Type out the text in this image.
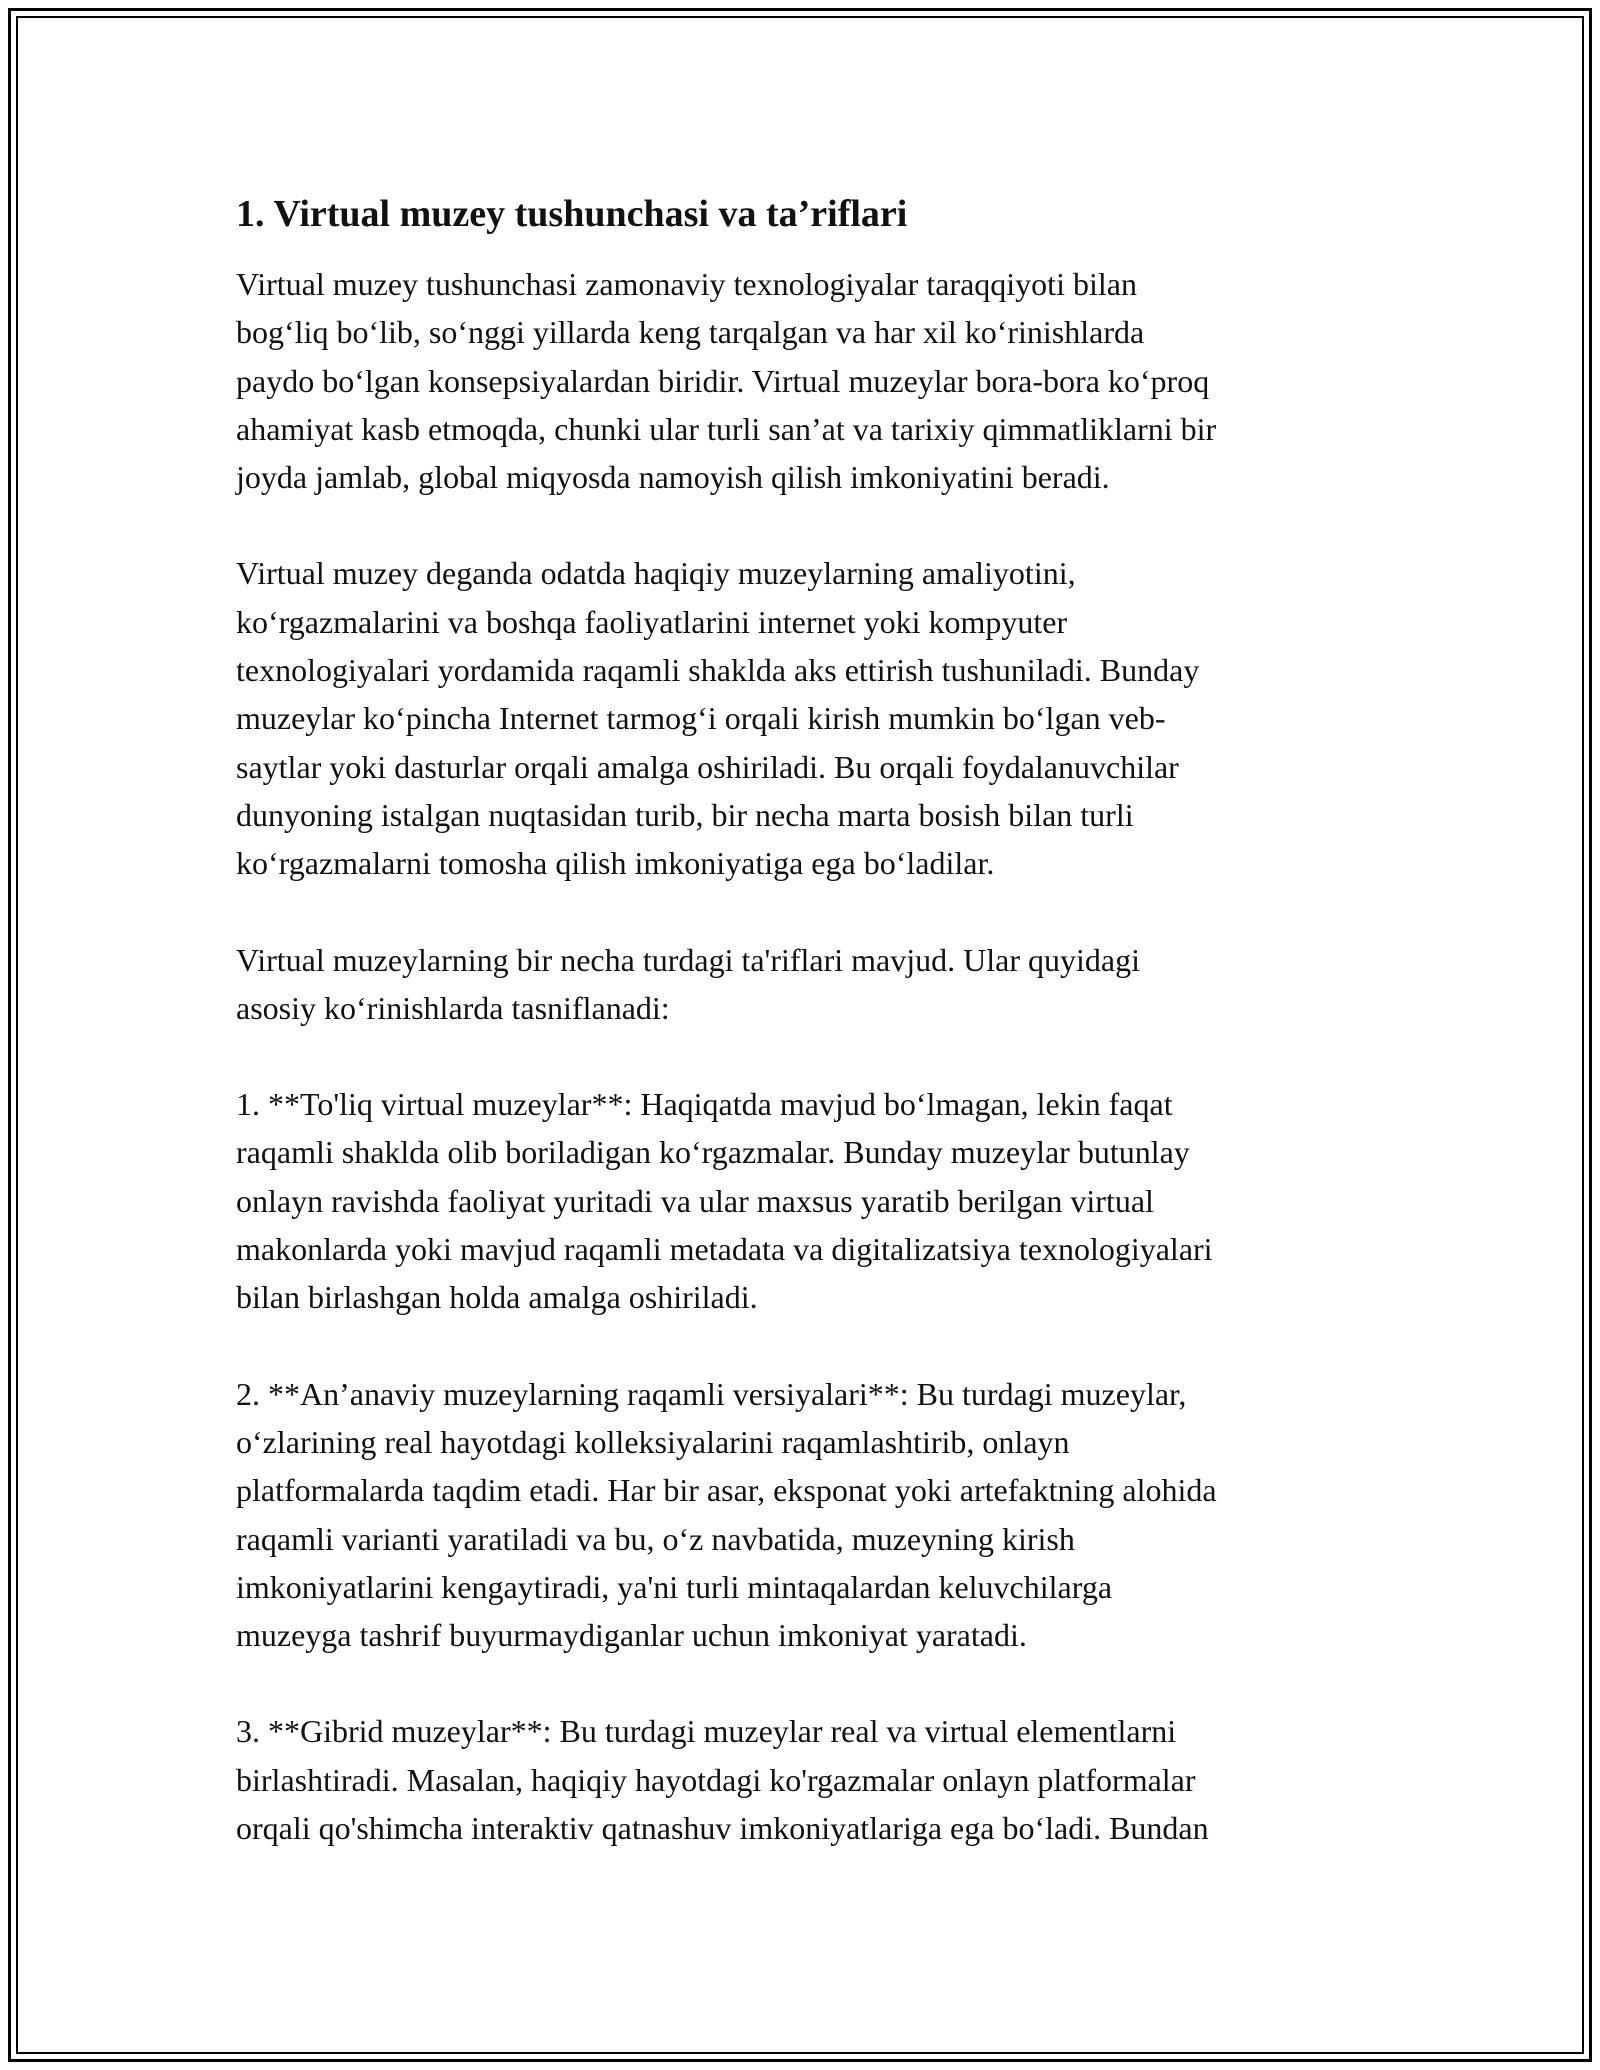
1. Virtual muzey tushunchasi va ta’riflari

Virtual muzey tushunchasi zamonaviy texnologiyalar taraqqiyoti bilan
bog‘liq bo‘lib, so‘nggi yillarda keng tarqalgan va har xil ko‘rinishlarda
paydo bo‘lgan konsepsiyalardan biridir. Virtual muzeylar bora-bora ko‘proq
ahamiyat kasb etmoqda, chunki ular turli san’at va tarixiy qimmatliklarni bir
joyda jamlab, global miqyosda namoyish qilish imkoniyatini beradi.

Virtual muzey deganda odatda haqiqiy muzeylarning amaliyotini,
ko‘rgazmalarini va boshqa faoliyatlarini internet yoki kompyuter
texnologiyalari yordamida raqamli shaklda aks ettirish tushuniladi. Bunday
muzeylar ko‘pincha Internet tarmog‘i orqali kirish mumkin bo‘lgan veb-
saytlar yoki dasturlar orqali amalga oshiriladi. Bu orqali foydalanuvchilar
dunyoning istalgan nuqtasidan turib, bir necha marta bosish bilan turli
ko‘rgazmalarni tomosha qilish imkoniyatiga ega bo‘ladilar.

Virtual muzeylarning bir necha turdagi ta'riflari mavjud. Ular quyidagi
asosiy ko‘rinishlarda tasniflanadi:

1. **To'liq virtual muzeylar**: Haqiqatda mavjud bo‘lmagan, lekin faqat
raqamli shaklda olib boriladigan ko‘rgazmalar. Bunday muzeylar butunlay
onlayn ravishda faoliyat yuritadi va ular maxsus yaratib berilgan virtual
makonlarda yoki mavjud raqamli metadata va digitalizatsiya texnologiyalari
bilan birlashgan holda amalga oshiriladi.

2. **An’anaviy muzeylarning raqamli versiyalari**: Bu turdagi muzeylar,
o‘zlarining real hayotdagi kolleksiyalarini raqamlashtirib, onlayn
platformalarda taqdim etadi. Har bir asar, eksponat yoki artefaktning alohida
raqamli varianti yaratiladi va bu, o‘z navbatida, muzeyning kirish
imkoniyatlarini kengaytiradi, ya'ni turli mintaqalardan keluvchilarga
muzeyga tashrif buyurmaydiganlar uchun imkoniyat yaratadi.

3. **Gibrid muzeylar**: Bu turdagi muzeylar real va virtual elementlarni
birlashtiradi. Masalan, haqiqiy hayotdagi ko'rgazmalar onlayn platformalar
orqali qo'shimcha interaktiv qatnashuv imkoniyatlariga ega bo‘ladi. Bundan
